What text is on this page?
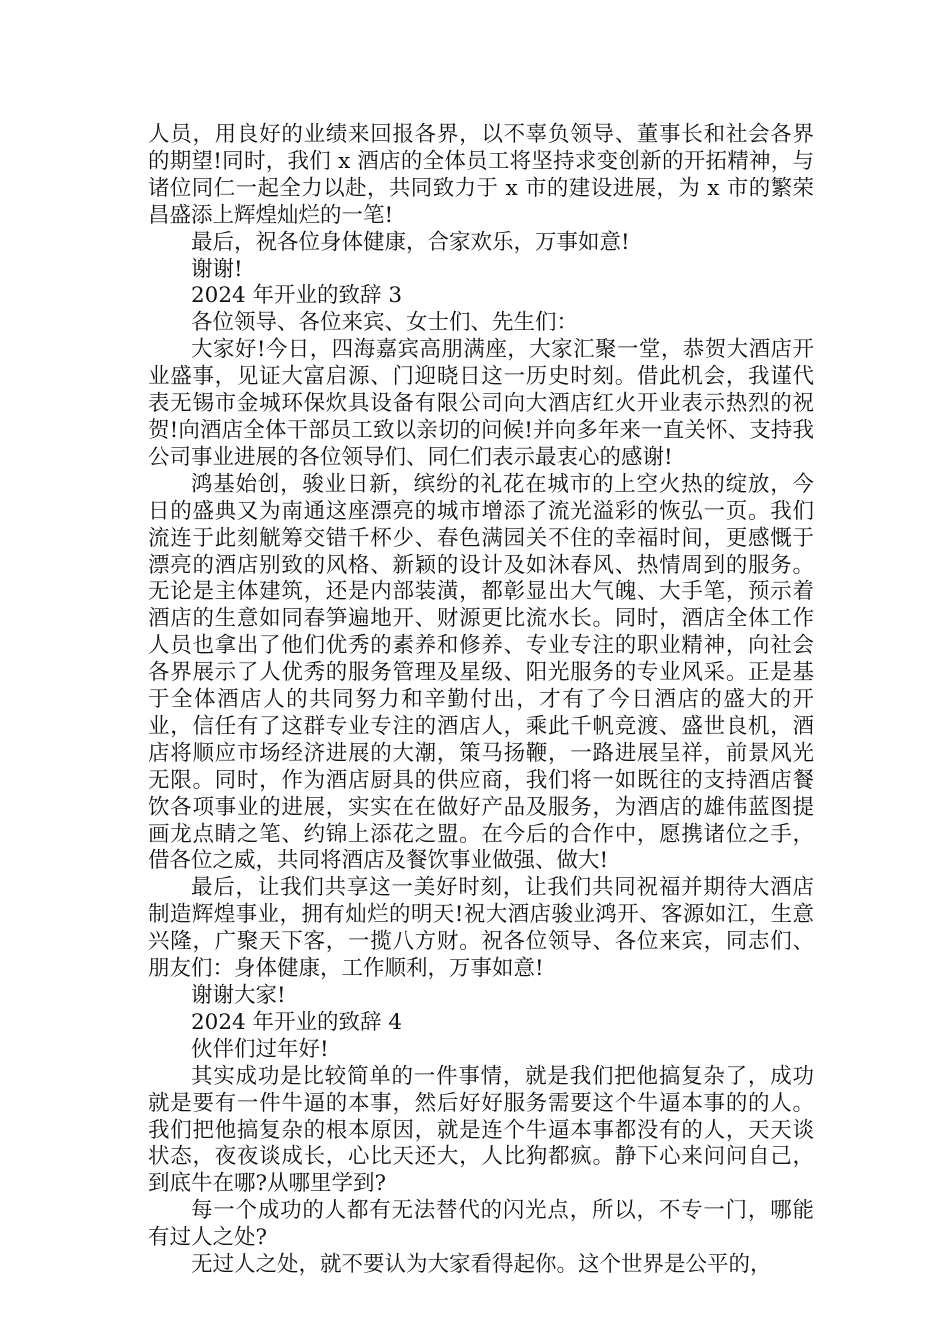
人员，用良好的业绩来回报各界，以不辜负领导、董事长和社会各界的期望!同时，我们 x 酒店的全体员工将坚持求变创新的开拓精神，与诸位同仁一起全力以赴，共同致力于 x 市的建设进展，为 x 市的繁荣昌盛添上辉煌灿烂的一笔!

最后，祝各位身体健康，合家欢乐，万事如意!

谢谢!

2024 年开业的致辞 3

各位领导、各位来宾、女士们、先生们：

大家好!今日，四海嘉宾高朋满座，大家汇聚一堂，恭贺大酒店开业盛事，见证大富启源、门迎晓日这一历史时刻。借此机会，我谨代表无锡市金城环保炊具设备有限公司向大酒店红火开业表示热烈的祝贺!向酒店全体干部员工致以亲切的问候!并向多年来一直关怀、支持我公司事业进展的各位领导们、同仁们表示最衷心的感谢!

鸿基始创，骏业日新，缤纷的礼花在城市的上空火热的绽放，今日的盛典又为南通这座漂亮的城市增添了流光溢彩的恢弘一页。我们流连于此刻觥筹交错千杯少、春色满园关不住的幸福时间，更感慨于漂亮的酒店别致的风格、新颖的设计及如沐春风、热情周到的服务。无论是主体建筑，还是内部装潢，都彰显出大气魄、大手笔，预示着酒店的生意如同春笋遍地开、财源更比流水长。同时，酒店全体工作人员也拿出了他们优秀的素养和修养、专业专注的职业精神，向社会各界展示了人优秀的服务管理及星级、阳光服务的专业风采。正是基于全体酒店人的共同努力和辛勤付出，才有了今日酒店的盛大的开业，信任有了这群专业专注的酒店人，乘此千帆竞渡、盛世良机，酒店将顺应市场经济进展的大潮，策马扬鞭，一路进展呈祥，前景风光无限。同时，作为酒店厨具的供应商，我们将一如既往的支持酒店餐饮各项事业的进展，实实在在做好产品及服务，为酒店的雄伟蓝图提画龙点睛之笔、约锦上添花之盟。在今后的合作中，愿携诸位之手，借各位之威，共同将酒店及餐饮事业做强、做大!

最后，让我们共享这一美好时刻，让我们共同祝福并期待大酒店制造辉煌事业，拥有灿烂的明天!祝大酒店骏业鸿开、客源如江，生意兴隆，广聚天下客，一揽八方财。祝各位领导、各位来宾，同志们、朋友们：身体健康，工作顺利，万事如意!

谢谢大家!

2024 年开业的致辞 4

伙伴们过年好!

其实成功是比较简单的一件事情，就是我们把他搞复杂了，成功就是要有一件牛逼的本事，然后好好服务需要这个牛逼本事的的人。我们把他搞复杂的根本原因，就是连个牛逼本事都没有的人，天天谈状态，夜夜谈成长，心比天还大，人比狗都疯。静下心来问问自己，到底牛在哪?从哪里学到?

每一个成功的人都有无法替代的闪光点，所以，不专一门，哪能有过人之处?

无过人之处，就不要认为大家看得起你。这个世界是公平的，
